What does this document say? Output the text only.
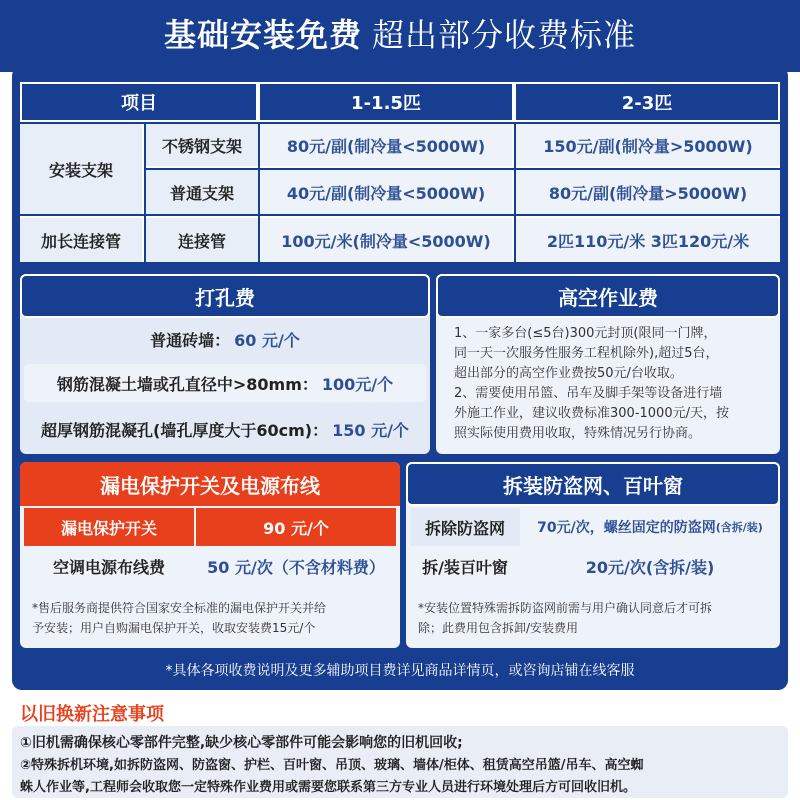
基础安装免费 超出部分收费标准
项目	1-1.5匹	2-3匹
安装支架
不锈钢支架	80元/副(制冷量<5000W)	150元/副(制冷量>5000W)
普通支架	40元/副(制冷量<5000W)	80元/副(制冷量>5000W)
加长连接管	连接管	100元/米(制冷量<5000W)	2匹110元/米 3匹120元/米
打孔费
普通砖墙： 60 元/个
钢筋混凝土墙或孔直径中>80mm： 100元/个
超厚钢筋混凝孔(墙孔厚度大于60cm)： 150 元/个
高空作业费
1、一家多台(≤5台)300元封顶(限同一门牌，
同一天一次服务性服务工程机除外),超过5台，
超出部分的高空作业费按50元/台收取。
2、需要使用吊篮、吊车及脚手架等设备进行墙
外施工作业，建议收费标准300-1000元/天，按
照实际使用费用收取，特殊情况另行协商。
漏电保护开关及电源布线
漏电保护开关	90 元/个
空调电源布线费	50 元/次（不含材料费）
*售后服务商提供符合国家安全标准的漏电保护开关并给
予安装；用户自购漏电保护开关，收取安装费15元/个
拆装防盗网、百叶窗
拆除防盗网	70元/次， 螺丝固定的防盗网 (含拆/装)
拆/装百叶窗	20元/次(含拆/装)
*安装位置特殊需拆防盗网前需与用户确认同意后才可拆
除；此费用包含拆卸/安装费用
*具体各项收费说明及更多辅助项目费详见商品详情页，或咨询店铺在线客服
以旧换新注意事项
①旧机需确保核心零部件完整,缺少核心零部件可能会影响您的旧机回收;
②特殊拆机环境,如拆防盗网、防盗窗、护栏、百叶窗、吊顶、玻璃、墙体/柜体、租赁高空吊篮/吊车、高空蜘
蛛人作业等,工程师会收取您一定特殊作业费用或需要您联系第三方专业人员进行环境处理后方可回收旧机。
